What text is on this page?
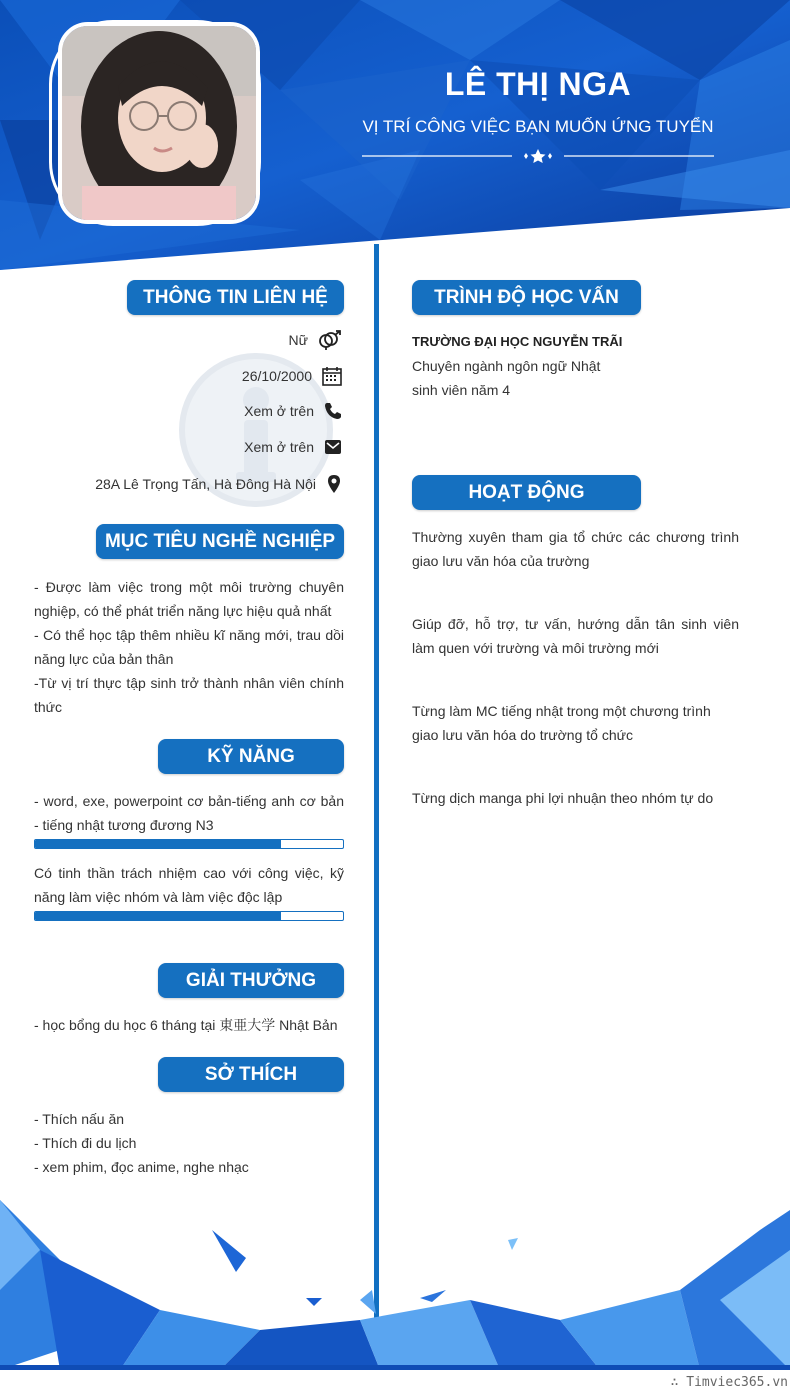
LÊ THỊ NGA
VỊ TRÍ CÔNG VIỆC BẠN MUỐN ỨNG TUYỂN
THÔNG TIN LIÊN HỆ
Nữ
26/10/2000
Xem ở trên
Xem ở trên
28A Lê Trọng Tấn, Hà Đông Hà Nội
MỤC TIÊU NGHỀ NGHIỆP
- Được làm việc trong một môi trường chuyên nghiệp, có thể phát triển năng lực hiệu quả nhất
- Có thể học tập thêm nhiều kĩ năng mới, trau dồi năng lực của bản thân
-Từ vị trí thực tập sinh trở thành nhân viên chính thức
KỸ NĂNG
- word, exe, powerpoint cơ bản-tiếng anh cơ bản - tiếng nhật tương đương N3
Có tinh thần trách nhiệm cao với công việc, kỹ năng làm việc nhóm và làm việc độc lập
GIẢI THƯỞNG
- học bổng du học 6 tháng tại 東亜大学 Nhật Bản
SỞ THÍCH
- Thích nấu ăn
- Thích đi du lịch
- xem phim, đọc anime, nghe nhạc
TRÌNH ĐỘ HỌC VẤN
TRƯỜNG ĐẠI HỌC NGUYỄN TRÃI
Chuyên ngành ngôn ngữ Nhật
sinh viên năm 4
HOẠT ĐỘNG
Thường xuyên tham gia tổ chức các chương trình giao lưu văn hóa của trường
Giúp đỡ, hỗ trợ, tư vấn, hướng dẫn tân sinh viên làm quen với trường và môi trường mới
Từng làm MC tiếng nhật trong một chương trình giao lưu văn hóa do trường tổ chức
Từng dịch manga phi lợi nhuận theo nhóm tự do
∴ Timviec365.vn
